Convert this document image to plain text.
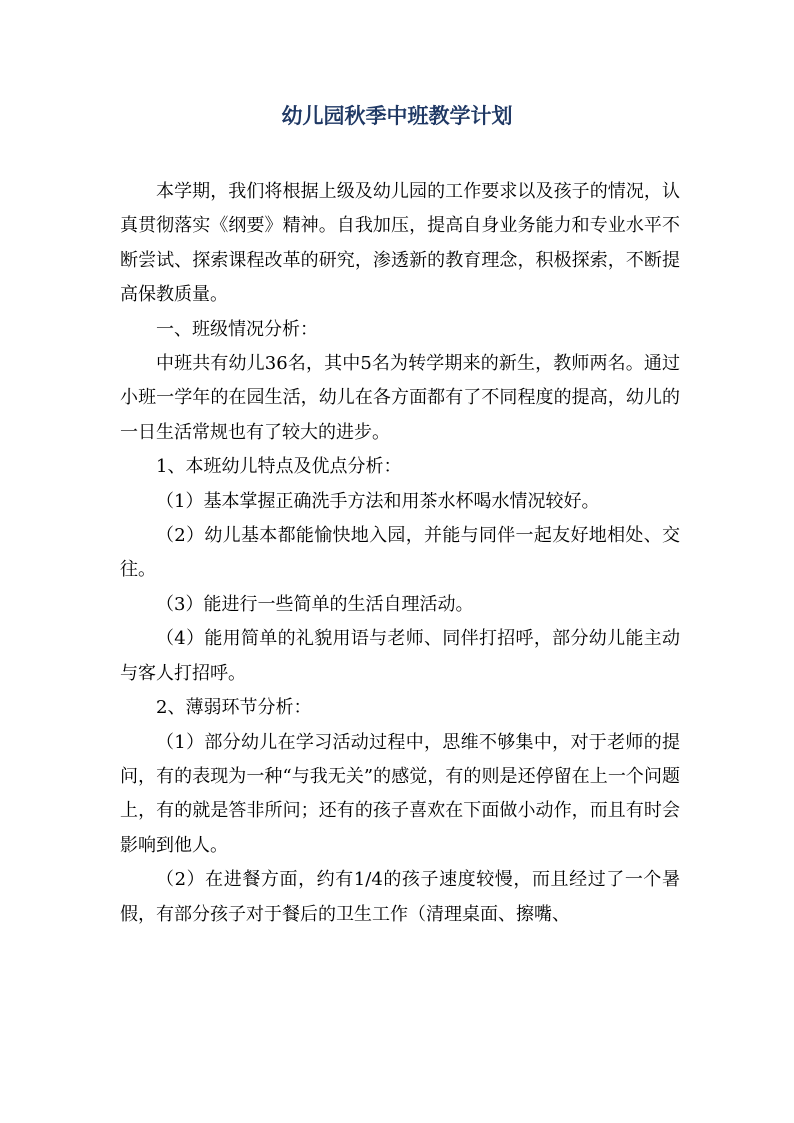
幼儿园秋季中班教学计划

本学期，我们将根据上级及幼儿园的工作要求以及孩子的情况，认真贯彻落实《纲要》精神。自我加压，提高自身业务能力和专业水平不断尝试、探索课程改革的研究，渗透新的教育理念，积极探索，不断提高保教质量。

一、班级情况分析：

中班共有幼儿36名，其中5名为转学期来的新生，教师两名。通过小班一学年的在园生活，幼儿在各方面都有了不同程度的提高，幼儿的一日生活常规也有了较大的进步。

1、本班幼儿特点及优点分析：

（1）基本掌握正确洗手方法和用茶水杯喝水情况较好。

（2）幼儿基本都能愉快地入园，并能与同伴一起友好地相处、交往。

（3）能进行一些简单的生活自理活动。

（4）能用简单的礼貌用语与老师、同伴打招呼，部分幼儿能主动与客人打招呼。

2、薄弱环节分析：

（1）部分幼儿在学习活动过程中，思维不够集中，对于老师的提问，有的表现为一种“与我无关”的感觉，有的则是还停留在上一个问题上，有的就是答非所问；还有的孩子喜欢在下面做小动作，而且有时会影响到他人。

（2）在进餐方面，约有1/4的孩子速度较慢，而且经过了一个暑假，有部分孩子对于餐后的卫生工作（清理桌面、擦嘴、
